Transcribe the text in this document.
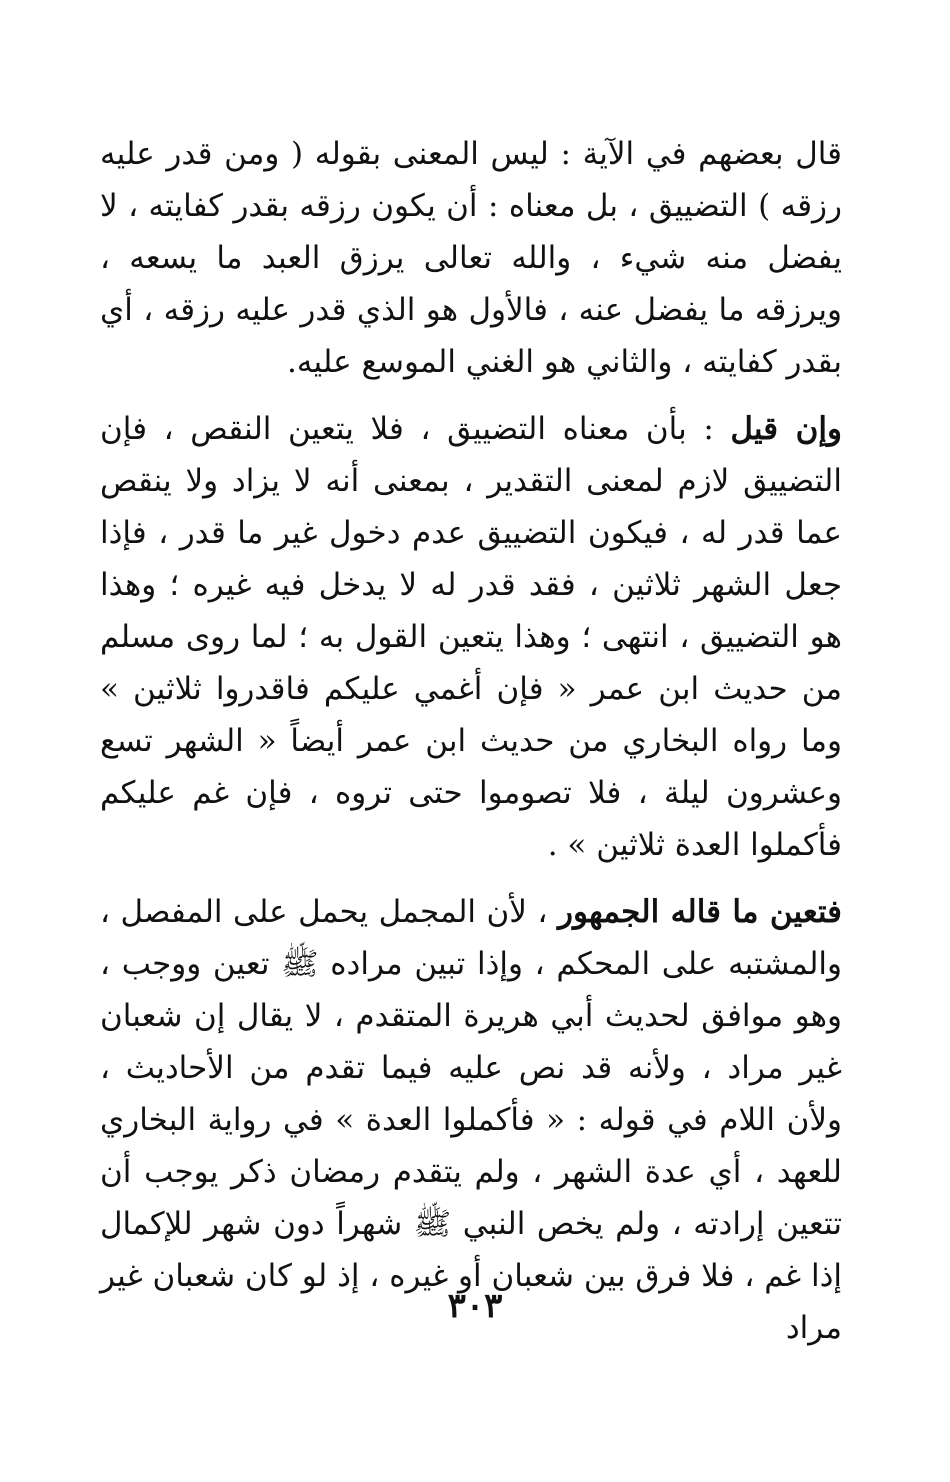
قال بعضهم في الآية : ليس المعنى بقوله ( ومن قدر عليه رزقه ) التضييق ، بل معناه : أن يكون رزقه بقدر كفايته ، لا يفضل منه شيء ، والله تعالى يرزق العبد ما يسعه ، ويرزقه ما يفضل عنه ، فالأول هو الذي قدر عليه رزقه ، أي بقدر كفايته ، والثاني هو الغني الموسع عليه.

وإن قيل : بأن معناه التضييق ، فلا يتعين النقص ، فإن التضييق لازم لمعنى التقدير ، بمعنى أنه لا يزاد ولا ينقص عما قدر له ، فيكون التضييق عدم دخول غير ما قدر ، فإذا جعل الشهر ثلاثين ، فقد قدر له لا يدخل فيه غيره ؛ وهذا هو التضييق ، انتهى ؛ وهذا يتعين القول به ؛ لما روى مسلم من حديث ابن عمر « فإن أغمي عليكم فاقدروا ثلاثين » وما رواه البخاري من حديث ابن عمر أيضاً « الشهر تسع وعشرون ليلة ، فلا تصوموا حتى تروه ، فإن غم عليكم فأكملوا العدة ثلاثين » .

فتعين ما قاله الجمهور ، لأن المجمل يحمل على المفصل ، والمشتبه على المحكم ، وإذا تبين مراده ﷺ تعين ووجب ، وهو موافق لحديث أبي هريرة المتقدم ، لا يقال إن شعبان غير مراد ، ولأنه قد نص عليه فيما تقدم من الأحاديث ، ولأن اللام في قوله : « فأكملوا العدة » في رواية البخاري للعهد ، أي عدة الشهر ، ولم يتقدم رمضان ذكر يوجب أن تتعين إرادته ، ولم يخص النبي ﷺ شهراً دون شهر للإكمال إذا غم ، فلا فرق بين شعبان أو غيره ، إذ لو كان شعبان غير مراد

٣٠٣
